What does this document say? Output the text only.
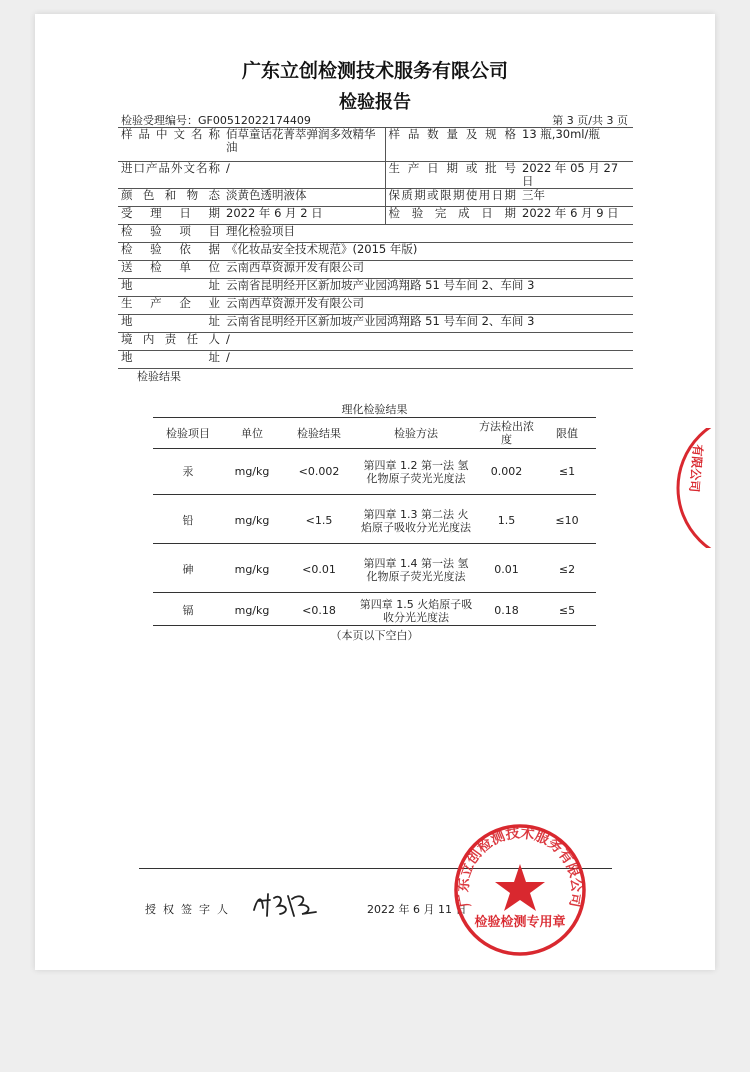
广东立创检测技术服务有限公司
检验报告
检验受理编号：GF00512022174409	第 3 页/共 3 页
样品中文名称	佰草童话花菁萃弹润多效精华油	样品数量及规格	13 瓶,30ml/瓶
进口产品外文名称	/	生产日期或批号	2022 年 05 月 27 日
颜色和物态	淡黄色透明液体	保质期或限期使用日期	三年
受理日期	2022 年 6 月 2 日	检验完成日期	2022 年 6 月 9 日
检验项目	理化检验项目		
检验依据	《化妆品安全技术规范》(2015 年版)		
送检单位	云南西草资源开发有限公司		
地址	云南省昆明经开区新加坡产业园鸿翔路 51 号车间 2、车间 3		
生产企业	云南西草资源开发有限公司		
地址	云南省昆明经开区新加坡产业园鸿翔路 51 号车间 2、车间 3		
境内责任人	/		
地址	/		
检验结果
理化检验结果
检验项目	单位	检验结果	检验方法	方法检出浓度	限值
汞	mg/kg	<0.002	第四章 1.2 第一法 氢化物原子荧光光度法	0.002	≤1

铅	mg/kg	<1.5	第四章 1.3 第二法 火焰原子吸收分光光度法	1.5	≤10

砷	mg/kg	<0.01	第四章 1.4 第一法 氢化物原子荧光光度法	0.01	≤2

镉	mg/kg	<0.18	第四章 1.5 火焰原子吸收分光光度法	0.18	≤5
（本页以下空白）
有限公司
授权签字人	2022 年 6 月 11 日
广东立创检测技术服务有限公司
检验检测专用章
